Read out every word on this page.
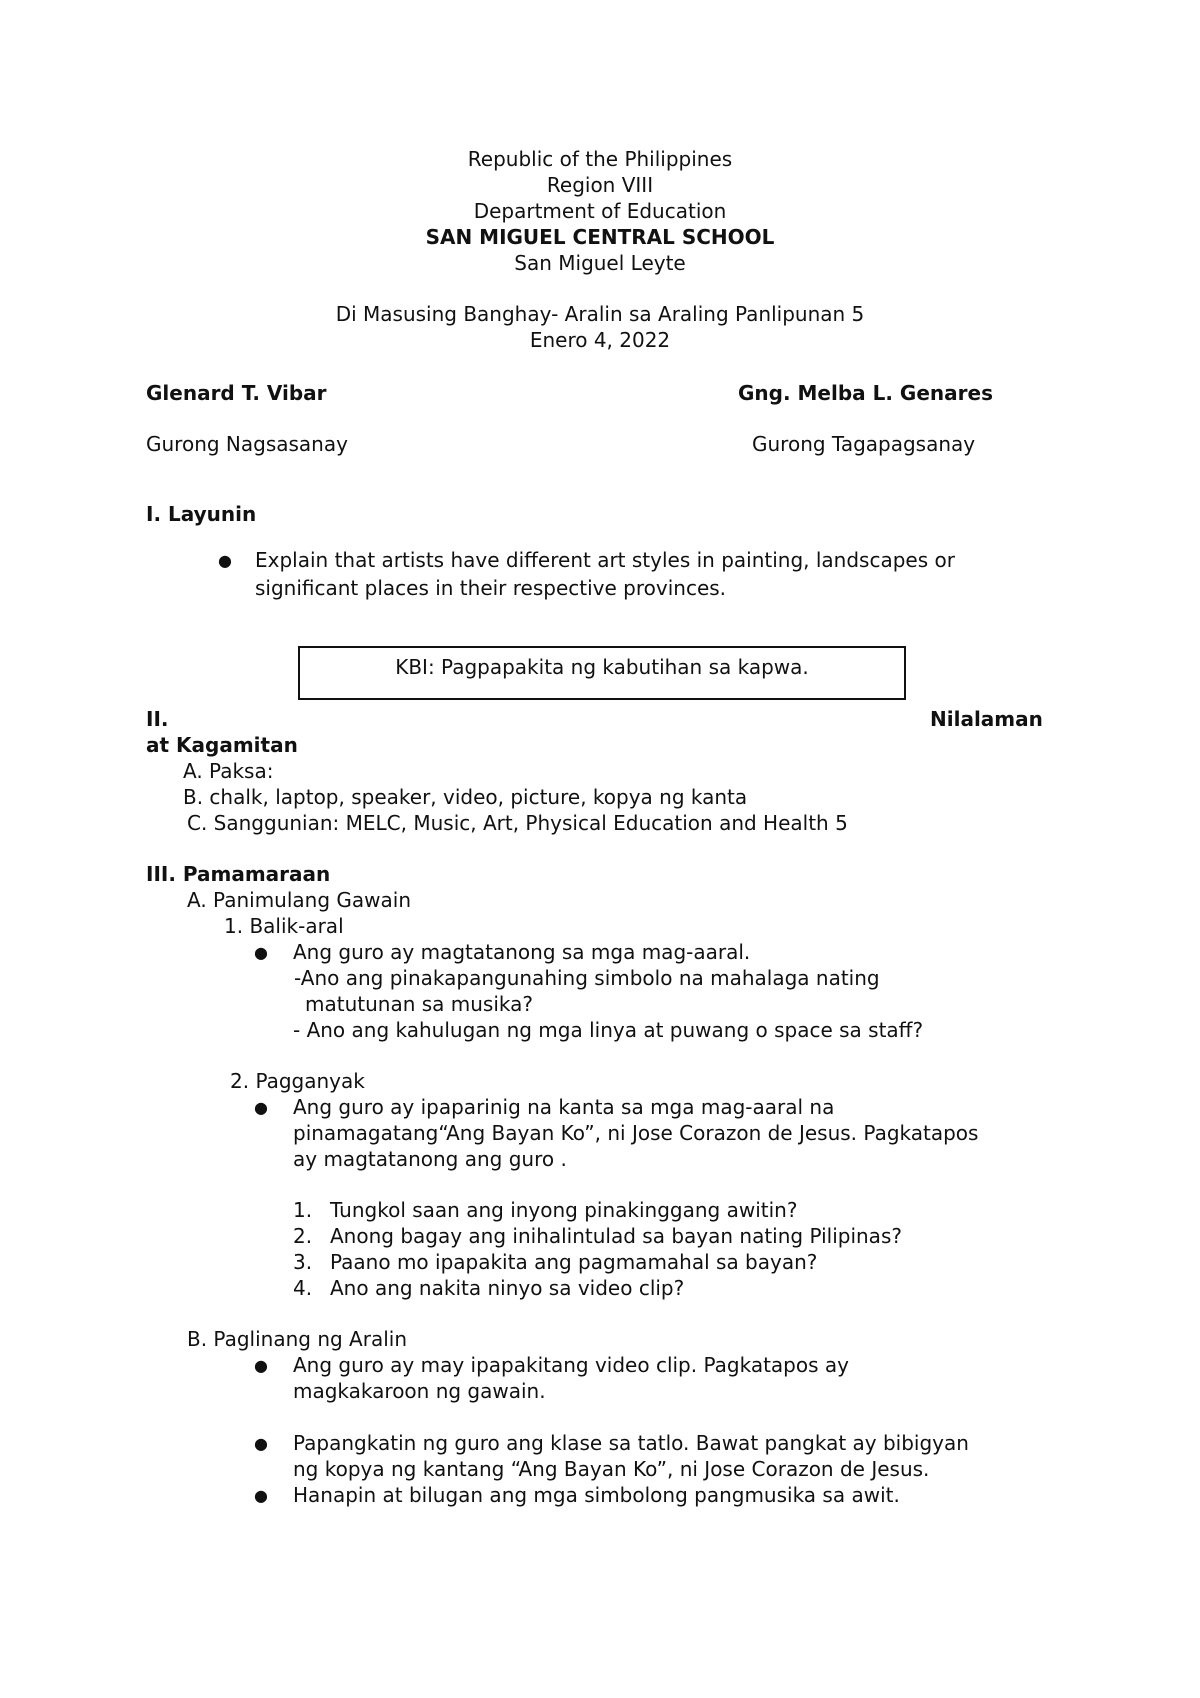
Republic of the Philippines

Region VIII

Department of Education

SAN MIGUEL CENTRAL SCHOOL

San Miguel Leyte

Di Masusing Banghay- Aralin sa Araling Panlipunan 5

Enero 4, 2022

Glenard T. Vibar	Gng. Melba L. Genares

Gurong Nagsasanay	Gurong Tagapagsanay

I. Layunin

● Explain that artists have different art styles in painting, landscapes or

significant places in their respective provinces.

KBI: Pagpapakita ng kabutihan sa kapwa.

II.	Nilalaman

at Kagamitan

A. Paksa:

B. chalk, laptop, speaker, video, picture, kopya ng kanta

C. Sanggunian: MELC, Music, Art, Physical Education and Health 5

III. Pamamaraan

A. Panimulang Gawain

1. Balik-aral

● Ang guro ay magtatanong sa mga mag-aaral.

-Ano ang pinakapangunahing simbolo na mahalaga nating

matutunan sa musika?

- Ano ang kahulugan ng mga linya at puwang o space sa staff?

2. Pagganyak

● Ang guro ay ipaparinig na kanta sa mga mag-aaral na

pinamagatang“Ang Bayan Ko”, ni Jose Corazon de Jesus. Pagkatapos

ay magtatanong ang guro .

1. Tungkol saan ang inyong pinakinggang awitin?

2. Anong bagay ang inihalintulad sa bayan nating Pilipinas?

3. Paano mo ipapakita ang pagmamahal sa bayan?

4. Ano ang nakita ninyo sa video clip?

B. Paglinang ng Aralin

● Ang guro ay may ipapakitang video clip. Pagkatapos ay

magkakaroon ng gawain.

● Papangkatin ng guro ang klase sa tatlo. Bawat pangkat ay bibigyan

ng kopya ng kantang “Ang Bayan Ko”, ni Jose Corazon de Jesus.

● Hanapin at bilugan ang mga simbolong pangmusika sa awit.
